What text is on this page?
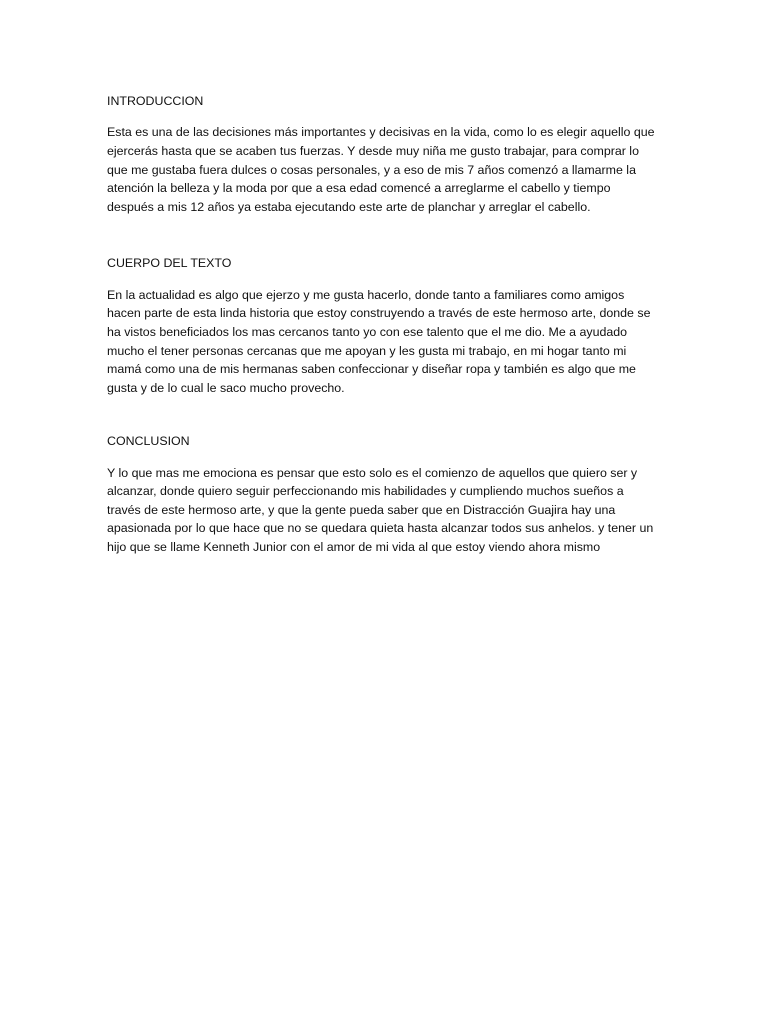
INTRODUCCION
Esta es una de las decisiones más importantes y decisivas en la vida, como lo es elegir aquello que
ejercerás hasta que se acaben tus fuerzas. Y desde muy niña me gusto trabajar, para comprar lo
que me gustaba fuera dulces o cosas personales, y a eso de mis 7 años comenzó a llamarme la
atención la belleza y la moda por que a esa edad comencé a arreglarme el cabello y tiempo
después a mis 12 años ya estaba ejecutando este arte de planchar y arreglar el cabello.
CUERPO DEL TEXTO
En la actualidad es algo que ejerzo y me gusta hacerlo, donde tanto a familiares como amigos
hacen parte de esta linda historia que estoy construyendo a través de este hermoso arte, donde se
ha vistos beneficiados los mas cercanos tanto yo con ese talento que el me dio. Me a ayudado
mucho el tener personas cercanas que me apoyan y les gusta mi trabajo, en mi hogar tanto mi
mamá como una de mis hermanas saben confeccionar y diseñar ropa y también es algo que me
gusta y de lo cual le saco mucho provecho.
CONCLUSION
Y lo que mas me emociona es pensar que esto solo es el comienzo de aquellos que quiero ser y
alcanzar, donde quiero seguir perfeccionando mis habilidades y cumpliendo muchos sueños a
través de este hermoso arte, y que la gente pueda saber que en Distracción Guajira hay una
apasionada por lo que hace que no se quedara quieta hasta alcanzar todos sus anhelos. y tener un
hijo que se llame Kenneth Junior con el amor de mi vida al que estoy viendo ahora mismo
